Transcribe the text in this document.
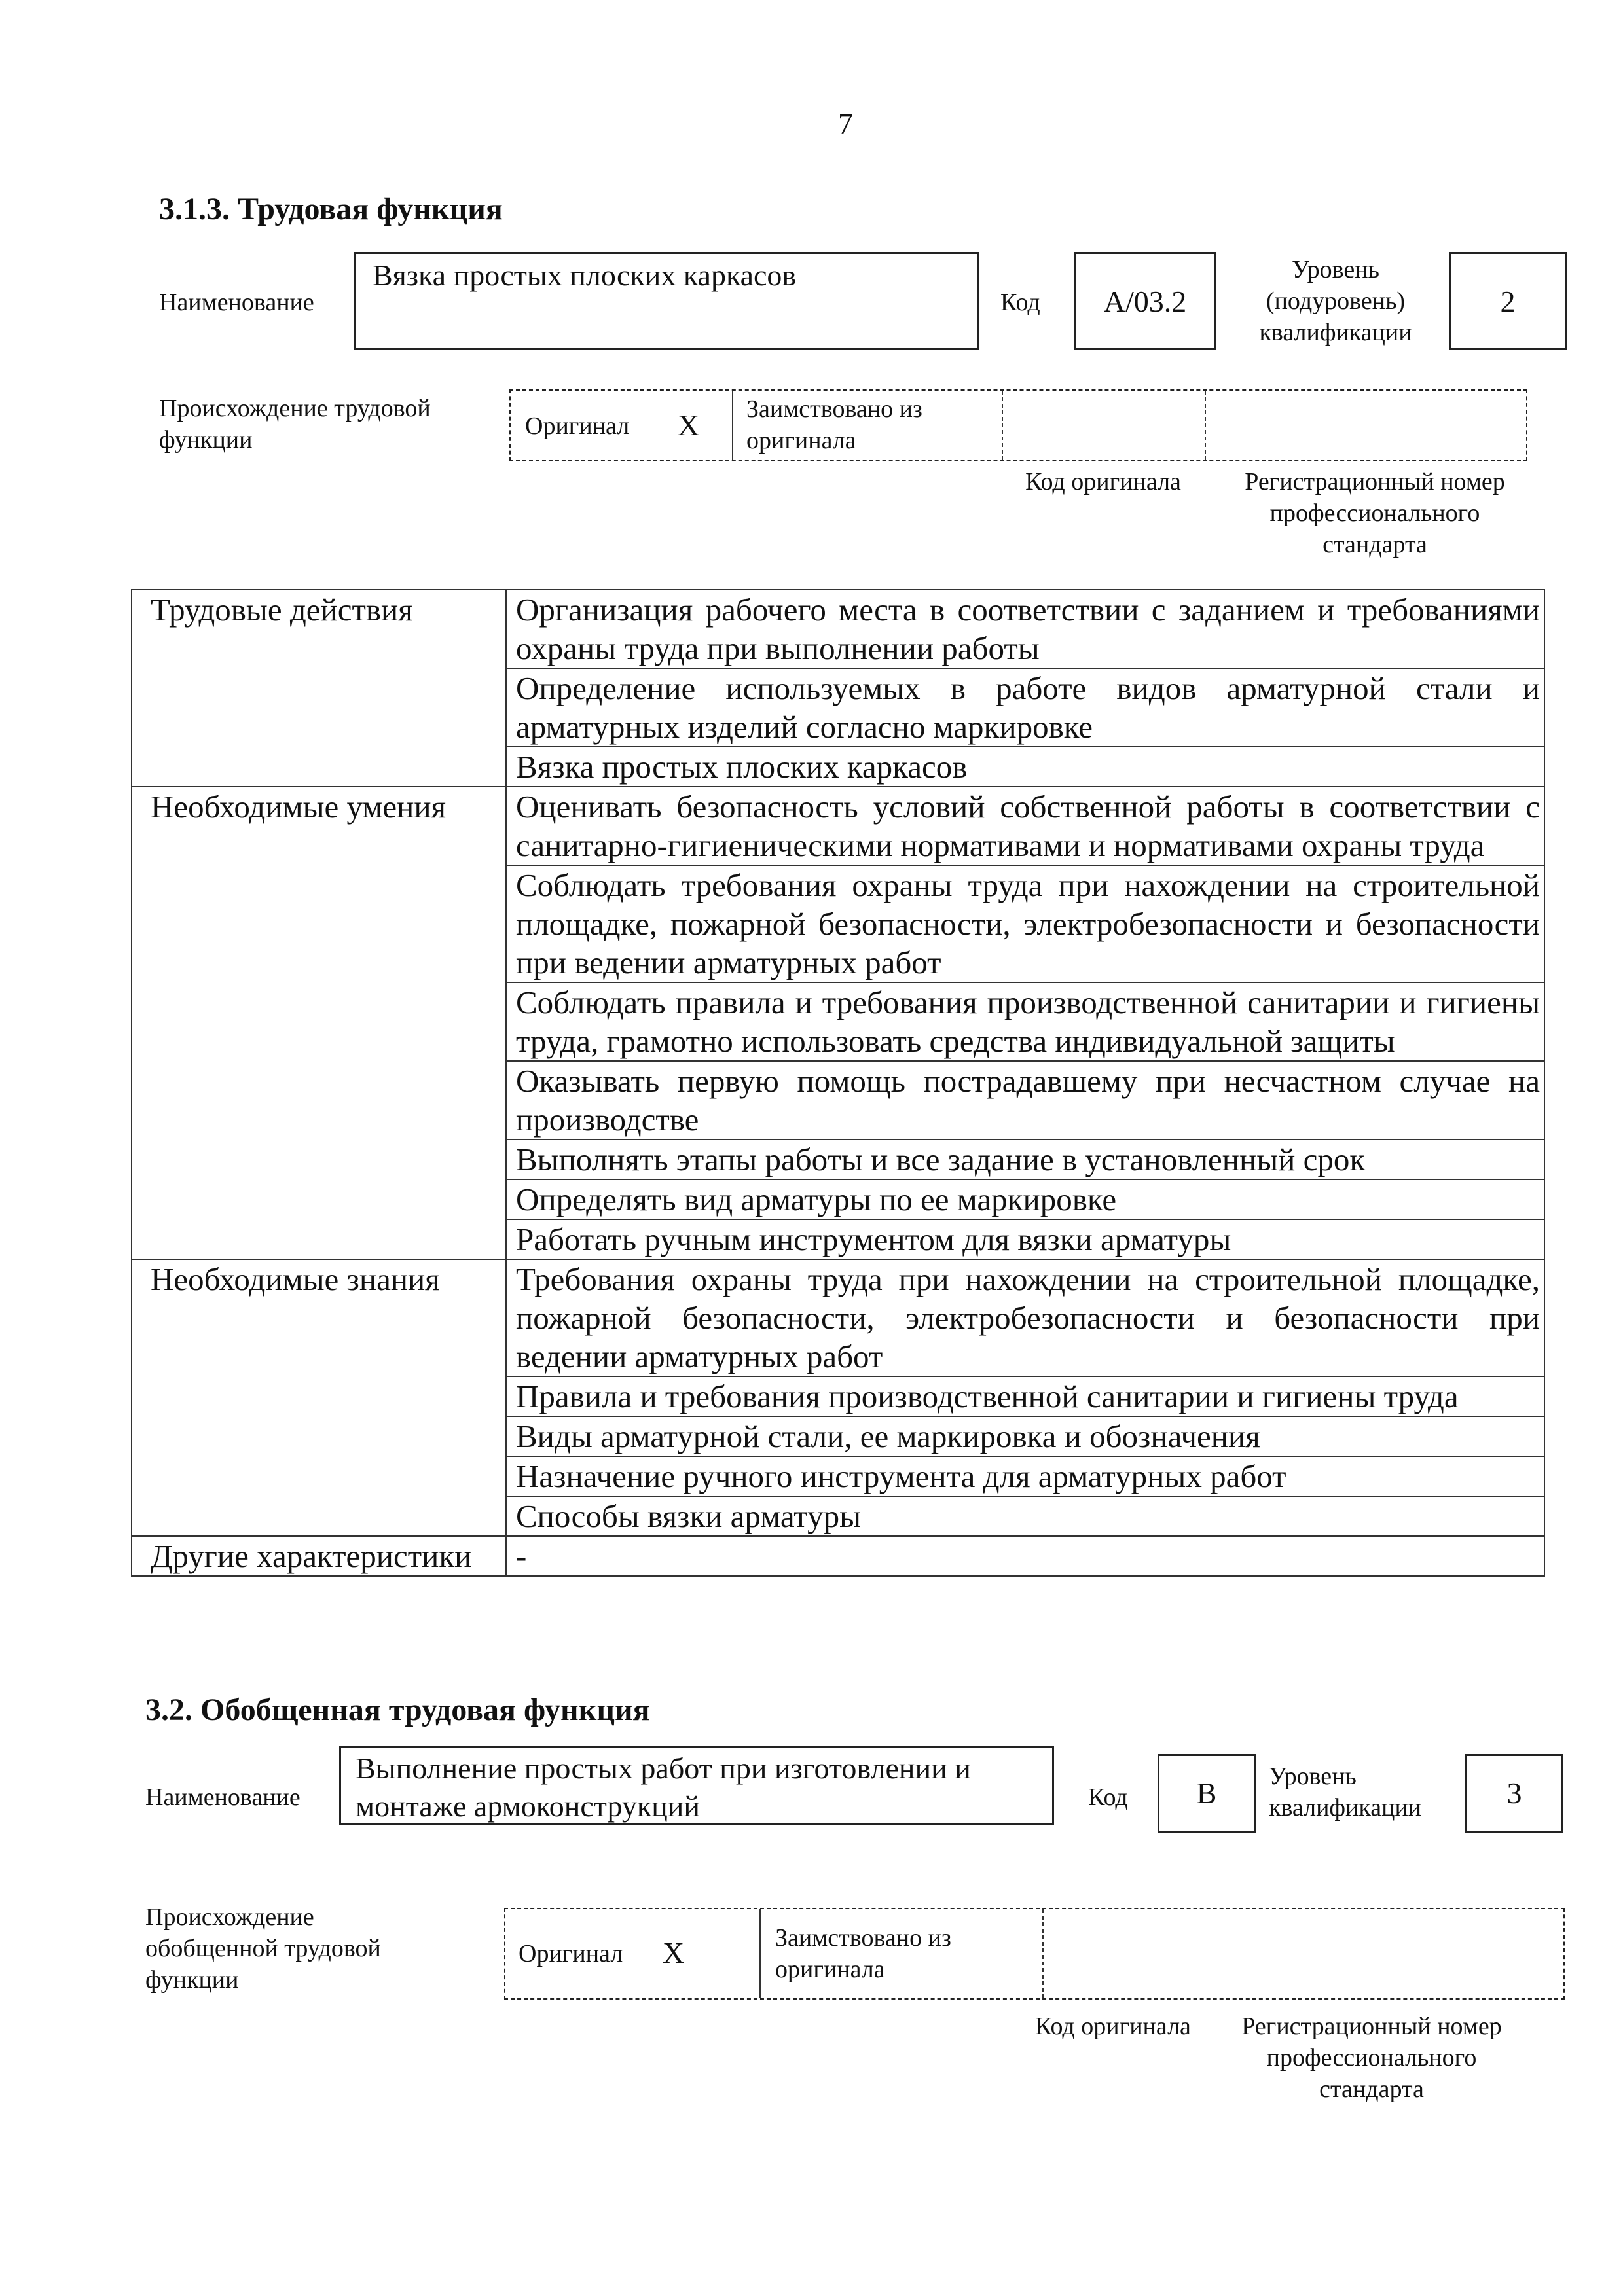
7
3.1.3. Трудовая функция
Наименование
Вязка простых плоских каркасов
Код	А/03.2
Уровень (подуровень) квалификации
2
Происхождение трудовой функции	Оригинал Х Заимствовано из оригинала
Код оригинала	Регистрационный номер профессионального стандарта
Трудовые действия	Организация рабочего места в соответствии с заданием и требованиями охраны труда при выполнении работы
	Определение используемых в работе видов арматурной стали и арматурных изделий согласно маркировке
	Вязка простых плоских каркасов
Необходимые умения	Оценивать безопасность условий собственной работы в соответствии с санитарно-гигиеническими нормативами и нормативами охраны труда
	Соблюдать требования охраны труда при нахождении на строительной площадке, пожарной безопасности, электробезопасности и безопасности при ведении арматурных работ
	Соблюдать правила и требования производственной санитарии и гигиены труда, грамотно использовать средства индивидуальной защиты
	Оказывать первую помощь пострадавшему при несчастном случае на производстве
	Выполнять этапы работы и все задание в установленный срок
	Определять вид арматуры по ее маркировке
	Работать ручным инструментом для вязки арматуры
Необходимые знания	Требования охраны труда при нахождении на строительной площадке, пожарной безопасности, электробезопасности и безопасности при ведении арматурных работ
	Правила и требования производственной санитарии и гигиены труда
	Виды арматурной стали, ее маркировка и обозначения
	Назначение ручного инструмента для арматурных работ
	Способы вязки арматуры
Другие характеристики	-
3.2. Обобщенная трудовая функция
Наименование
Выполнение простых работ при изготовлении и монтаже армоконструкций	Код	В	Уровень квалификации	3
Происхождение обобщенной трудовой функции
Оригинал Х	Заимствовано из оригинала
Код оригинала	Регистрационный номер профессионального стандарта
